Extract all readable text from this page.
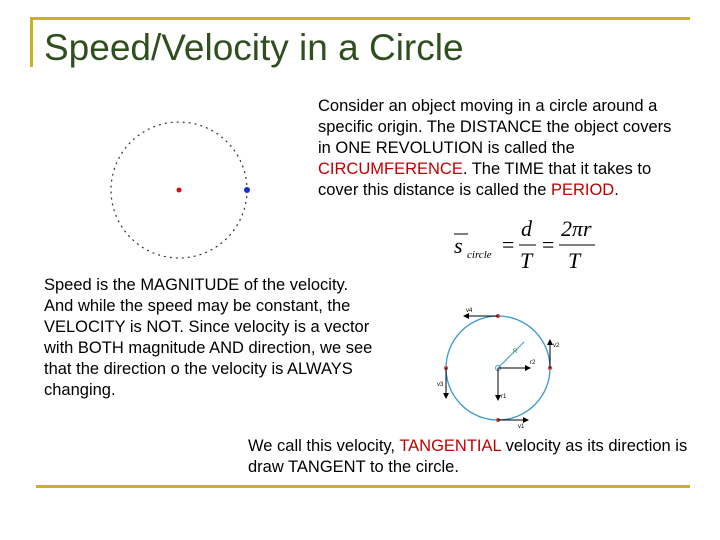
Speed/Velocity in a Circle
Consider an object moving in a circle around a specific origin. The DISTANCE the object covers in ONE REVOLUTION is called the CIRCUMFERENCE. The TIME that it takes to cover this distance is called the PERIOD.
s circle =
d
T
=
2πr
T
Speed is the MAGNITUDE of the velocity. And while the speed may be constant, the VELOCITY is NOT. Since velocity is a vector with BOTH magnitude AND direction, we see that the direction o the velocity is ALWAYS changing.
v4
v2
v3
v1
r2
r1
R
We call this velocity, TANGENTIAL velocity as its direction is draw TANGENT to the circle.
